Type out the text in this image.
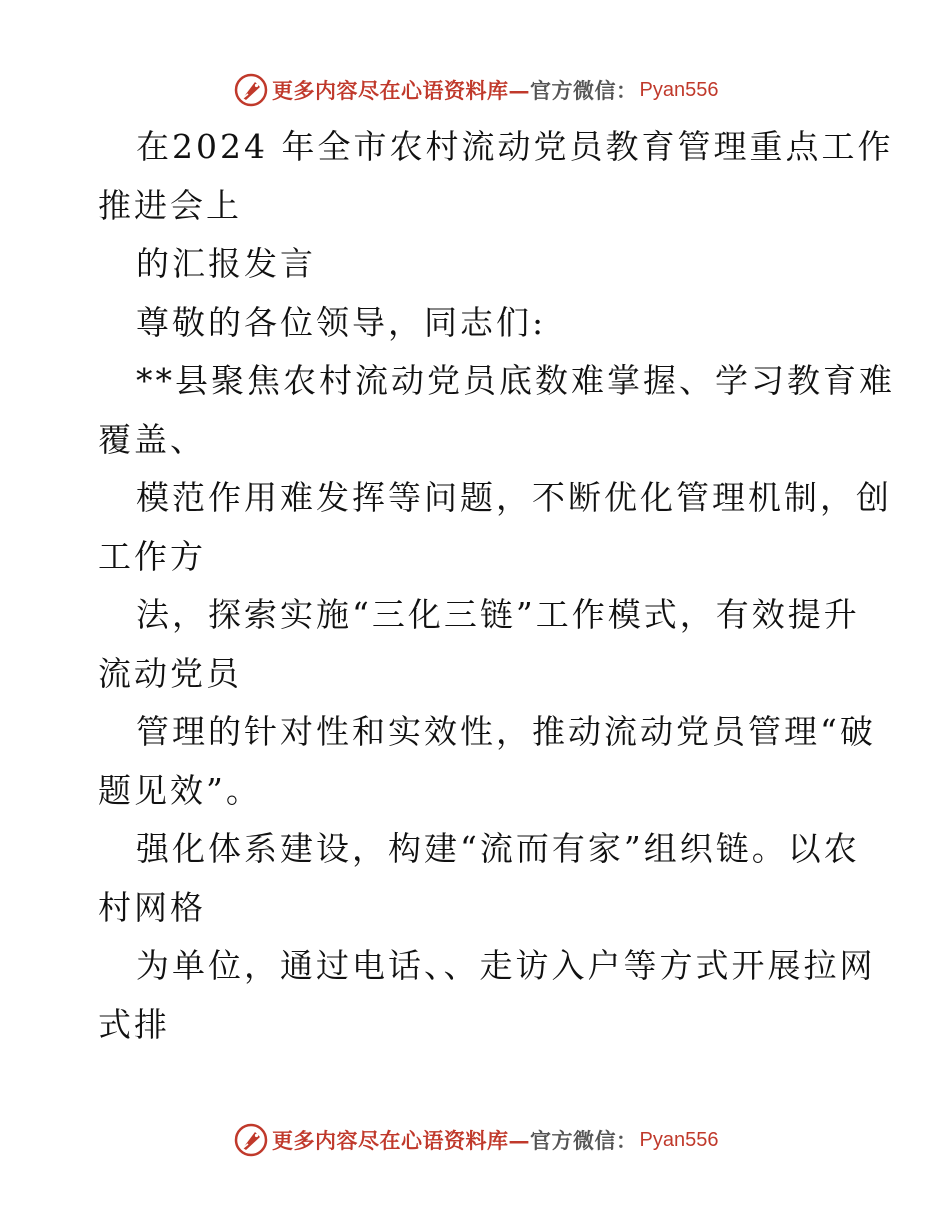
更多内容尽在心语资料库 — 官方微信： Pyan556

在2024 年全市农村流动党员教育管理重点工作

推进会上

的汇报发言

尊敬的各位领导，同志们:

**县聚焦农村流动党员底数难掌握、学习教育难

覆盖、

模范作用难发挥等问题，不断优化管理机制，创

工作方

法，探索实施“三化三链”工作模式，有效提升

流动党员

管理的针对性和实效性，推动流动党员管理“破

题见效”。

强化体系建设，构建“流而有家”组织链。以农

村网格

为单位，通过电话、、走访入户等方式开展拉网

式排

更多内容尽在心语资料库 — 官方微信： Pyan556
